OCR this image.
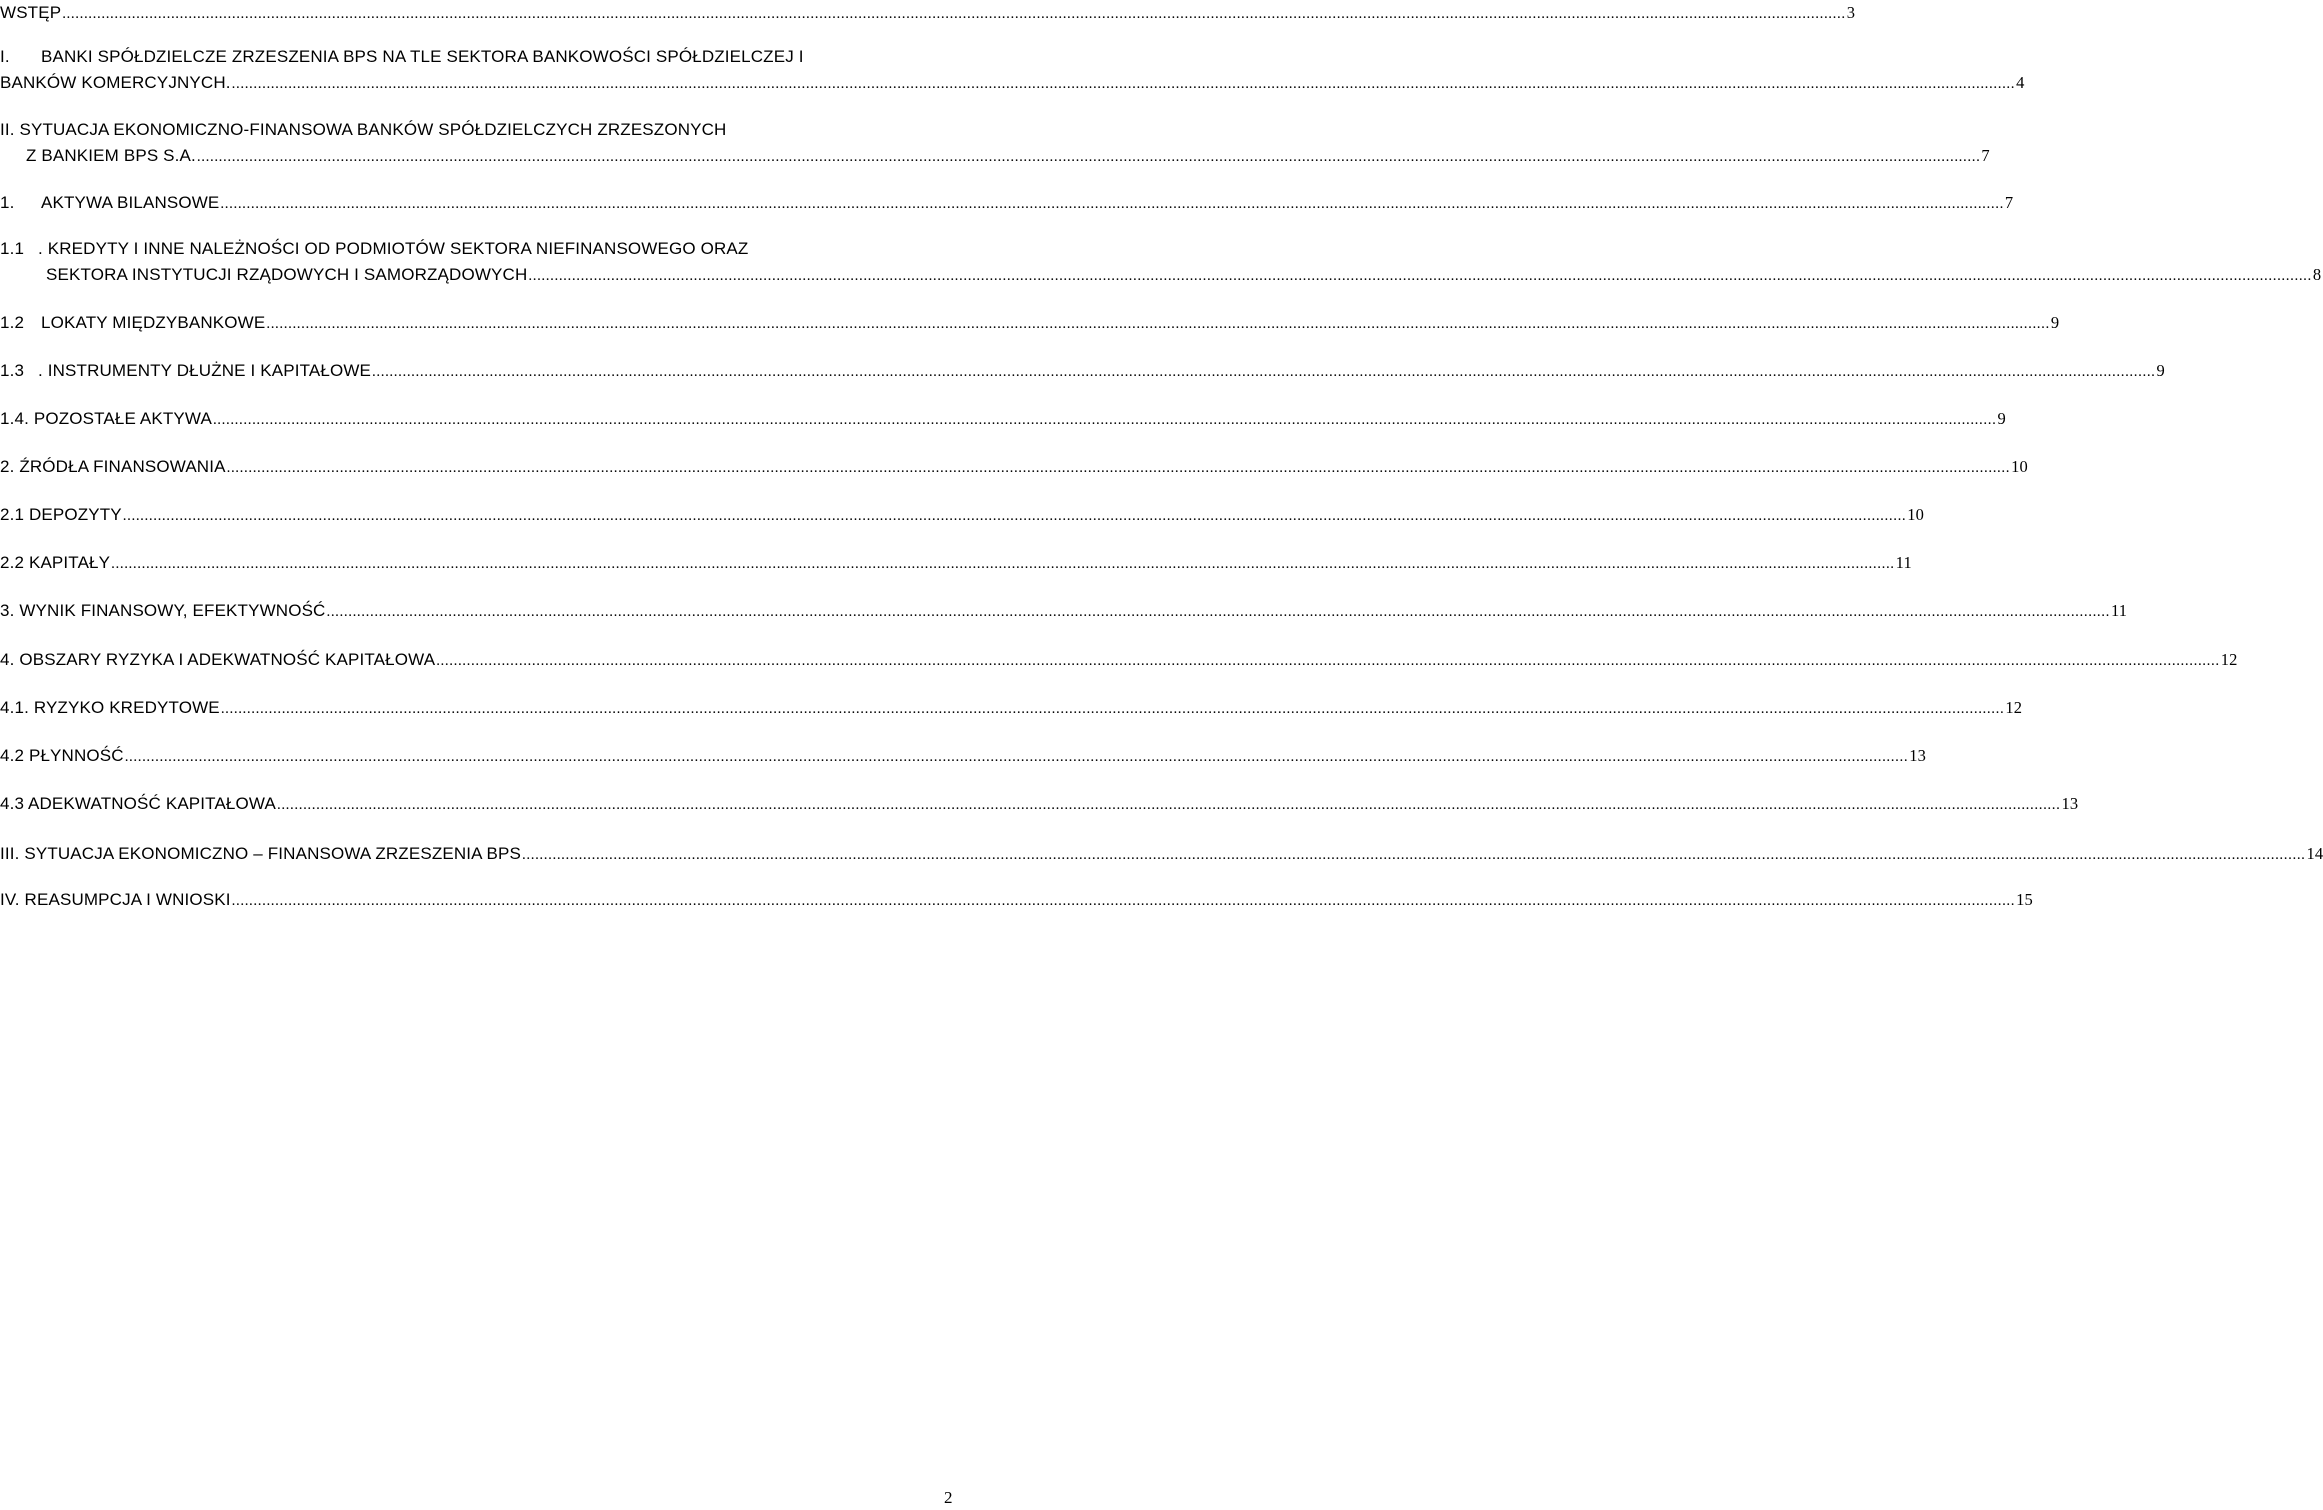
WSTĘP .......................................................................................................................................................................................................................................................................................................................................................................................................................... 3
I. BANKI SPÓŁDZIELCZE ZRZESZENIA BPS NA TLE SEKTORA BANKOWOŚCI SPÓŁDZIELCZEJ I
BANKÓW KOMERCYJNYCH. .......................................................................................................................................................................................................................................................................................................................................................................................................................... 4
II. SYTUACJA EKONOMICZNO-FINANSOWA BANKÓW SPÓŁDZIELCZYCH ZRZESZONYCH
Z BANKIEM BPS S.A. .......................................................................................................................................................................................................................................................................................................................................................................................................................... 7
1. AKTYWA BILANSOWE .......................................................................................................................................................................................................................................................................................................................................................................................................................... 7
1.1 . KREDYTY I INNE NALEŻNOŚCI OD PODMIOTÓW SEKTORA NIEFINANSOWEGO ORAZ
SEKTORA INSTYTUCJI RZĄDOWYCH I SAMORZĄDOWYCH .......................................................................................................................................................................................................................................................................................................................................................................................................................... 8
1.2 LOKATY MIĘDZYBANKOWE .......................................................................................................................................................................................................................................................................................................................................................................................................................... 9
1.3 . INSTRUMENTY DŁUŻNE I KAPITAŁOWE .......................................................................................................................................................................................................................................................................................................................................................................................................................... 9
1.4. POZOSTAŁE AKTYWA .......................................................................................................................................................................................................................................................................................................................................................................................................................... 9
2. ŹRÓDŁA FINANSOWANIA .......................................................................................................................................................................................................................................................................................................................................................................................................................... 10
2.1 DEPOZYTY .......................................................................................................................................................................................................................................................................................................................................................................................................................... 10
2.2 KAPITAŁY .......................................................................................................................................................................................................................................................................................................................................................................................................................... 11
3. WYNIK FINANSOWY, EFEKTYWNOŚĆ .......................................................................................................................................................................................................................................................................................................................................................................................................................... 11
4. OBSZARY RYZYKA I ADEKWATNOŚĆ KAPITAŁOWA .......................................................................................................................................................................................................................................................................................................................................................................................................................... 12
4.1. RYZYKO KREDYTOWE .......................................................................................................................................................................................................................................................................................................................................................................................................................... 12
4.2 PŁYNNOŚĆ .......................................................................................................................................................................................................................................................................................................................................................................................................................... 13
4.3 ADEKWATNOŚĆ KAPITAŁOWA .......................................................................................................................................................................................................................................................................................................................................................................................................................... 13
III. SYTUACJA EKONOMICZNO – FINANSOWA ZRZESZENIA BPS .......................................................................................................................................................................................................................................................................................................................................................................................................................... 14
IV. REASUMPCJA I WNIOSKI .......................................................................................................................................................................................................................................................................................................................................................................................................................... 15
2
